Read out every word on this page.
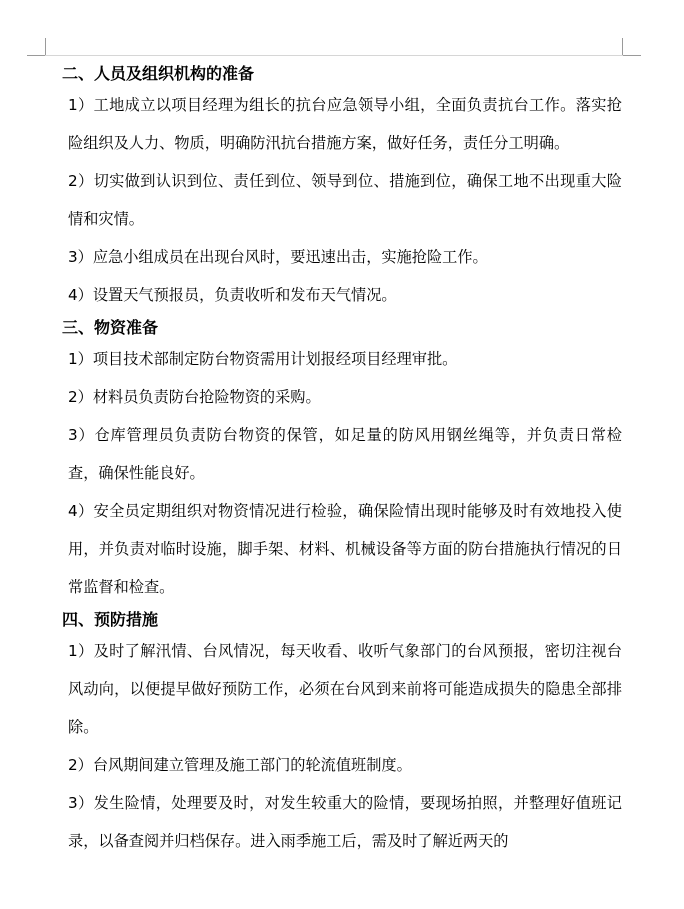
二、人员及组织机构的准备

1）工地成立以项目经理为组长的抗台应急领导小组，全面负责抗台工作。落实抢险组织及人力、物质，明确防汛抗台措施方案，做好任务，责任分工明确。

2）切实做到认识到位、责任到位、领导到位、措施到位，确保工地不出现重大险情和灾情。

3）应急小组成员在出现台风时，要迅速出击，实施抢险工作。

4）设置天气预报员，负责收听和发布天气情况。

三、物资准备

1）项目技术部制定防台物资需用计划报经项目经理审批。

2）材料员负责防台抢险物资的采购。

3）仓库管理员负责防台物资的保管，如足量的防风用钢丝绳等，并负责日常检查，确保性能良好。

4）安全员定期组织对物资情况进行检验，确保险情出现时能够及时有效地投入使用，并负责对临时设施，脚手架、材料、机械设备等方面的防台措施执行情况的日常监督和检查。

四、预防措施

1）及时了解汛情、台风情况，每天收看、收听气象部门的台风预报，密切注视台风动向，以便提早做好预防工作，必须在台风到来前将可能造成损失的隐患全部排除。

2）台风期间建立管理及施工部门的轮流值班制度。

3）发生险情，处理要及时，对发生较重大的险情，要现场拍照，并整理好值班记录，以备查阅并归档保存。进入雨季施工后，需及时了解近两天的
